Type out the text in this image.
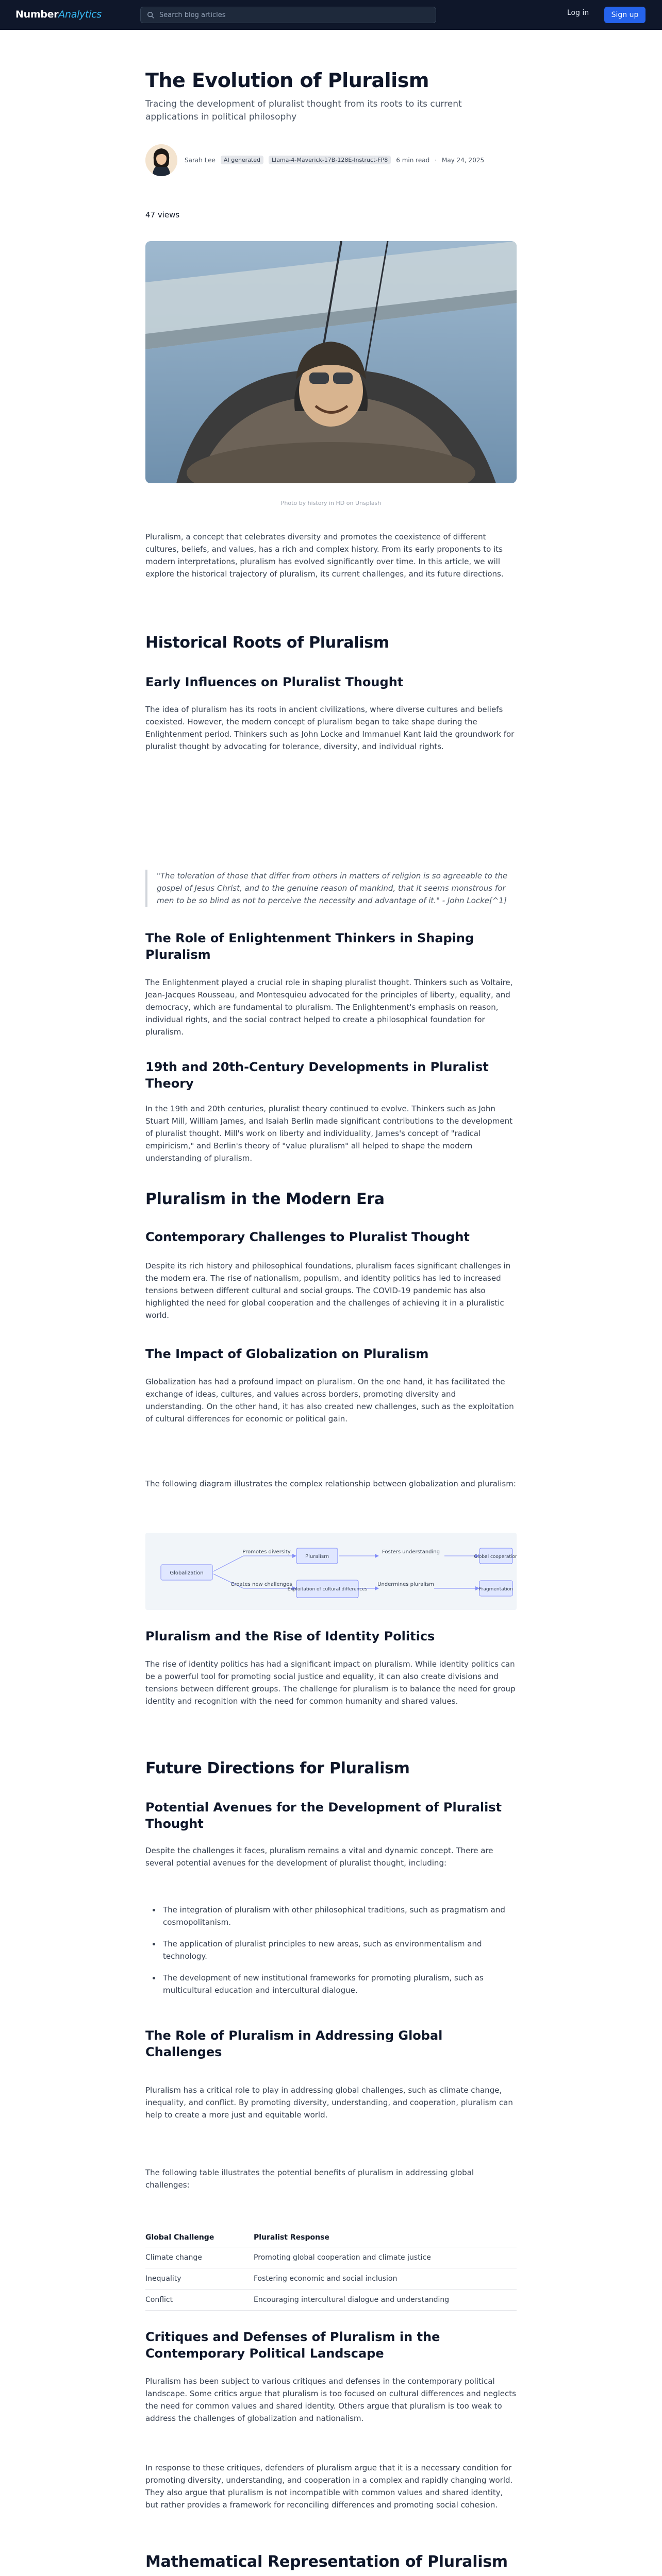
NumberAnalytics
Search blog articles	Log in	Sign up
The Evolution of Pluralism
Tracing the development of pluralist thought from its roots to its current applications in political philosophy
Sarah Lee	AI generated	Llama-4-Maverick-17B-128E-Instruct-FP8	6 min read · May 24, 2025
47 views
Photo by history in HD on Unsplash

Pluralism, a concept that celebrates diversity and promotes the coexistence of different cultures, beliefs, and values, has a rich and complex history. From its early proponents to its modern interpretations, pluralism has evolved significantly over time. In this article, we will explore the historical trajectory of pluralism, its current challenges, and its future directions.

Historical Roots of Pluralism
Early Influences on Pluralist Thought

The idea of pluralism has its roots in ancient civilizations, where diverse cultures and beliefs coexisted. However, the modern concept of pluralism began to take shape during the Enlightenment period. Thinkers such as John Locke and Immanuel Kant laid the groundwork for pluralist thought by advocating for tolerance, diversity, and individual rights.

"The toleration of those that differ from others in matters of religion is so agreeable to the gospel of Jesus Christ, and to the genuine reason of mankind, that it seems monstrous for men to be so blind as not to perceive the necessity and advantage of it." - John Locke[^1]
The Role of Enlightenment Thinkers in Shaping Pluralism

The Enlightenment played a crucial role in shaping pluralist thought. Thinkers such as Voltaire, Jean-Jacques Rousseau, and Montesquieu advocated for the principles of liberty, equality, and democracy, which are fundamental to pluralism. The Enlightenment's emphasis on reason, individual rights, and the social contract helped to create a philosophical foundation for pluralism.

19th and 20th-Century Developments in Pluralist Theory

In the 19th and 20th centuries, pluralist theory continued to evolve. Thinkers such as John Stuart Mill, William James, and Isaiah Berlin made significant contributions to the development of pluralist thought. Mill's work on liberty and individuality, James's concept of "radical empiricism," and Berlin's theory of "value pluralism" all helped to shape the modern understanding of pluralism.

Pluralism in the Modern Era
Contemporary Challenges to Pluralist Thought

Despite its rich history and philosophical foundations, pluralism faces significant challenges in the modern era. The rise of nationalism, populism, and identity politics has led to increased tensions between different cultural and social groups. The COVID-19 pandemic has also highlighted the need for global cooperation and the challenges of achieving it in a pluralistic world.

The Impact of Globalization on Pluralism

Globalization has had a profound impact on pluralism. On the one hand, it has facilitated the exchange of ideas, cultures, and values across borders, promoting diversity and understanding. On the other hand, it has also created new challenges, such as the exploitation of cultural differences for economic or political gain.

The following diagram illustrates the complex relationship between globalization and pluralism:

Globalization
Promotes diversity
Pluralism
Fosters understanding
Global cooperation
Creates new challenges
Exploitation of cultural differences
Undermines pluralism
Fragmentation
Pluralism and the Rise of Identity Politics

The rise of identity politics has had a significant impact on pluralism. While identity politics can be a powerful tool for promoting social justice and equality, it can also create divisions and tensions between different groups. The challenge for pluralism is to balance the need for group identity and recognition with the need for common humanity and shared values.

Future Directions for Pluralism
Potential Avenues for the Development of Pluralist Thought

Despite the challenges it faces, pluralism remains a vital and dynamic concept. There are several potential avenues for the development of pluralist thought, including:

• The integration of pluralism with other philosophical traditions, such as pragmatism and cosmopolitanism.
• The application of pluralist principles to new areas, such as environmentalism and technology.
• The development of new institutional frameworks for promoting pluralism, such as multicultural education and intercultural dialogue.
The Role of Pluralism in Addressing Global Challenges

Pluralism has a critical role to play in addressing global challenges, such as climate change, inequality, and conflict. By promoting diversity, understanding, and cooperation, pluralism can help to create a more just and equitable world.

The following table illustrates the potential benefits of pluralism in addressing global challenges:

Global Challenge	Pluralist Response
Climate change	Promoting global cooperation and climate justice
Inequality	Fostering economic and social inclusion
Conflict	Encouraging intercultural dialogue and understanding
Critiques and Defenses of Pluralism in the Contemporary Political Landscape

Pluralism has been subject to various critiques and defenses in the contemporary political landscape. Some critics argue that pluralism is too focused on cultural differences and neglects the need for common values and shared identity. Others argue that pluralism is too weak to address the challenges of globalization and nationalism.

In response to these critiques, defenders of pluralism argue that it is a necessary condition for promoting diversity, understanding, and cooperation in a complex and rapidly changing world. They also argue that pluralism is not incompatible with common values and shared identity, but rather provides a framework for reconciling differences and promoting social cohesion.

Mathematical Representation of Pluralism
